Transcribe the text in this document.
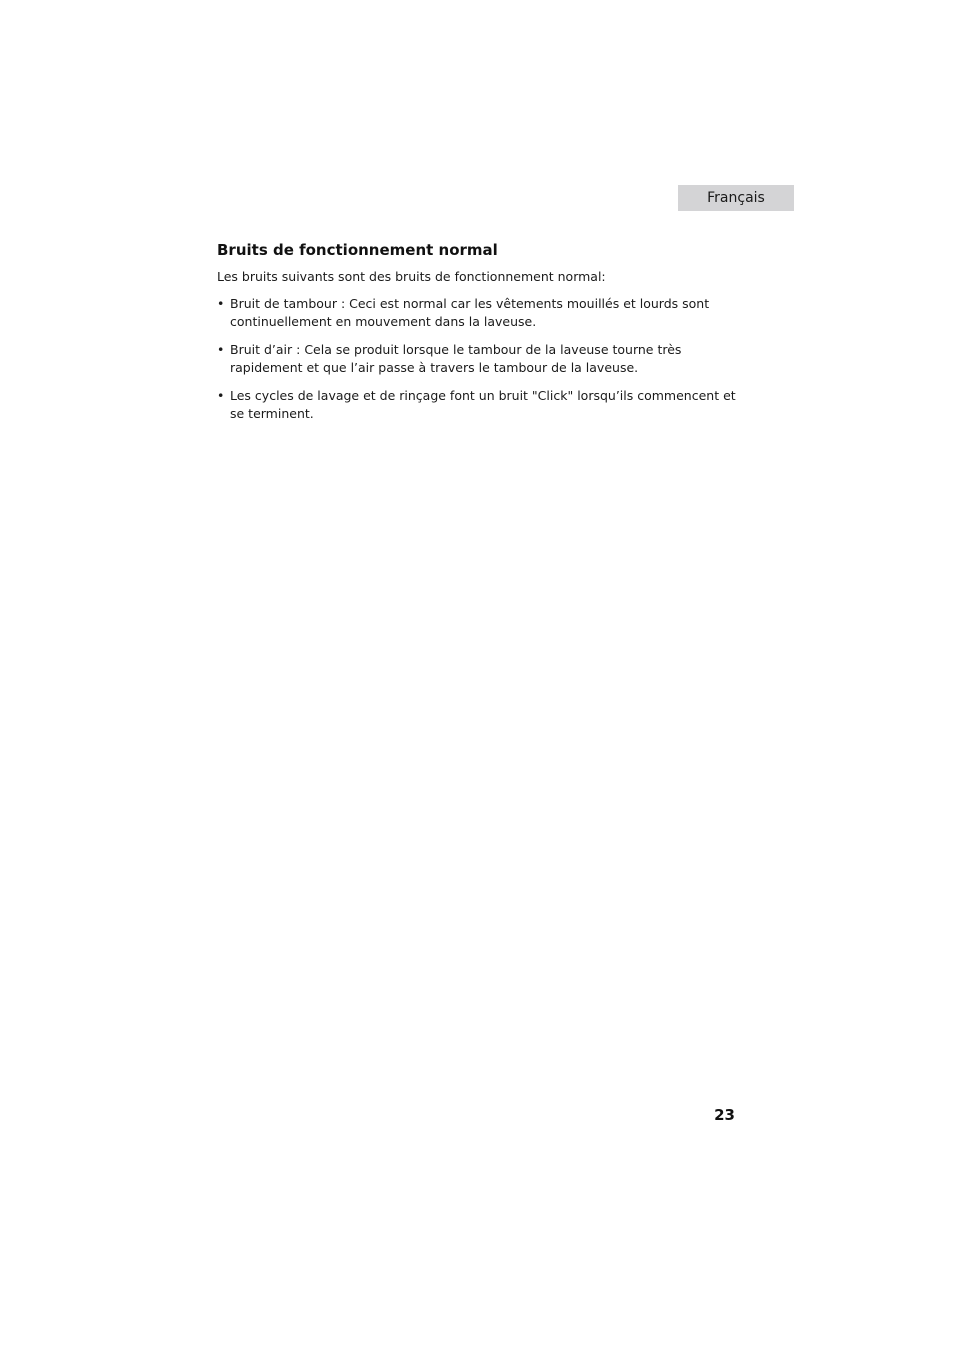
Français
Bruits de fonctionnement normal

Les bruits suivants sont des bruits de fonctionnement normal:

• Bruit de tambour : Ceci est normal car les vêtements mouillés et lourds sont continuellement en mouvement dans la laveuse.
• Bruit d’air : Cela se produit lorsque le tambour de la laveuse tourne très rapidement et que l’air passe à travers le tambour de la laveuse.
• Les cycles de lavage et de rinçage font un bruit "Click" lorsqu’ils commencent et se terminent.
23
